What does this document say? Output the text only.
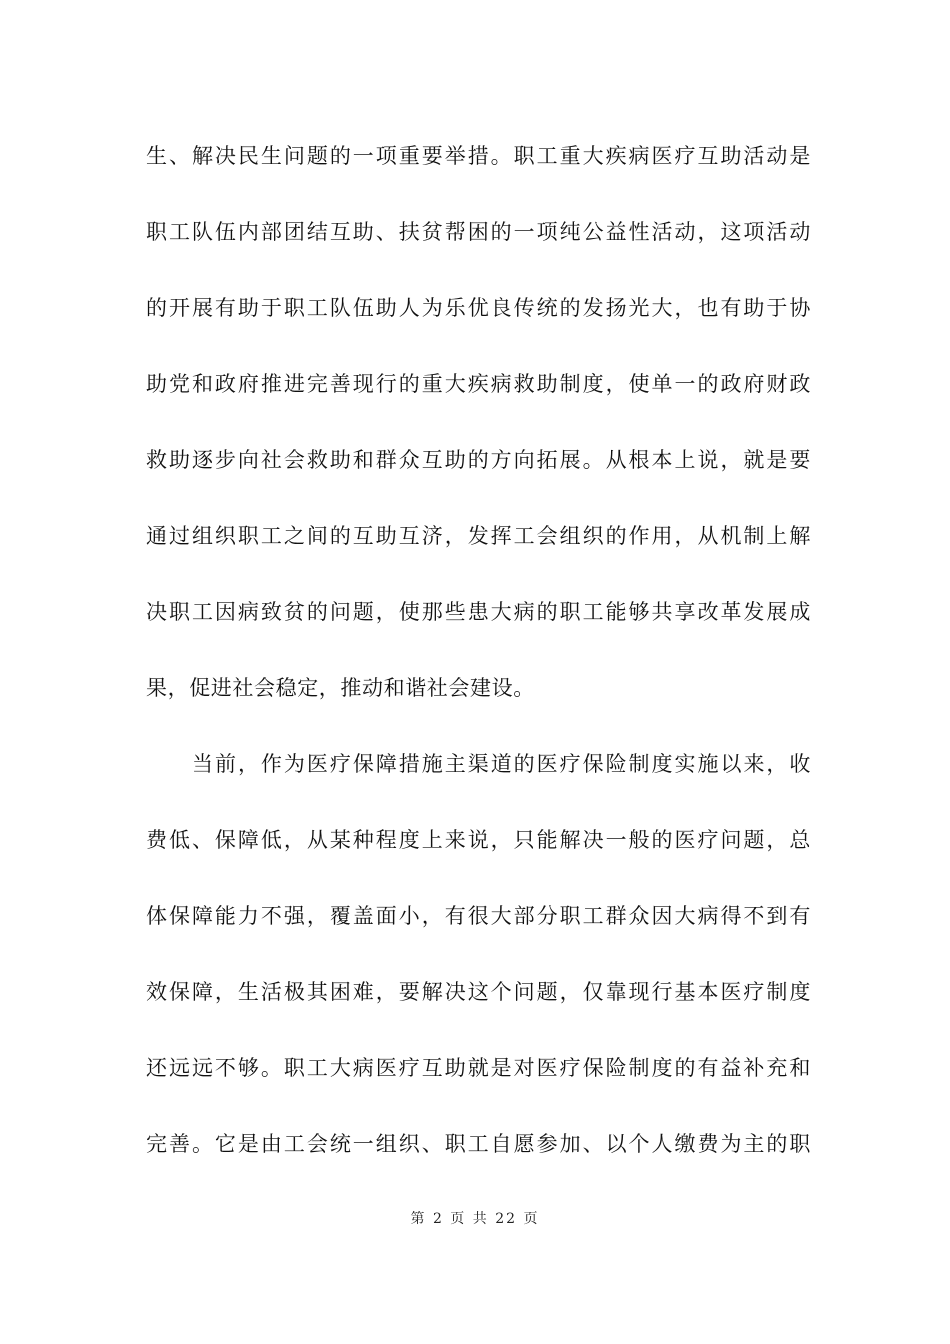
生、解决民生问题的一项重要举措。职工重大疾病医疗互助活动是
职工队伍内部团结互助、扶贫帮困的一项纯公益性活动，这项活动
的开展有助于职工队伍助人为乐优良传统的发扬光大，也有助于协
助党和政府推进完善现行的重大疾病救助制度，使单一的政府财政
救助逐步向社会救助和群众互助的方向拓展。从根本上说，就是要
通过组织职工之间的互助互济，发挥工会组织的作用，从机制上解
决职工因病致贫的问题，使那些患大病的职工能够共享改革发展成
果，促进社会稳定，推动和谐社会建设。
当前，作为医疗保障措施主渠道的医疗保险制度实施以来，收
费低、保障低，从某种程度上来说，只能解决一般的医疗问题，总
体保障能力不强，覆盖面小，有很大部分职工群众因大病得不到有
效保障，生活极其困难，要解决这个问题，仅靠现行基本医疗制度
还远远不够。职工大病医疗互助就是对医疗保险制度的有益补充和
完善。它是由工会统一组织、职工自愿参加、以个人缴费为主的职
第 2 页 共 22 页
